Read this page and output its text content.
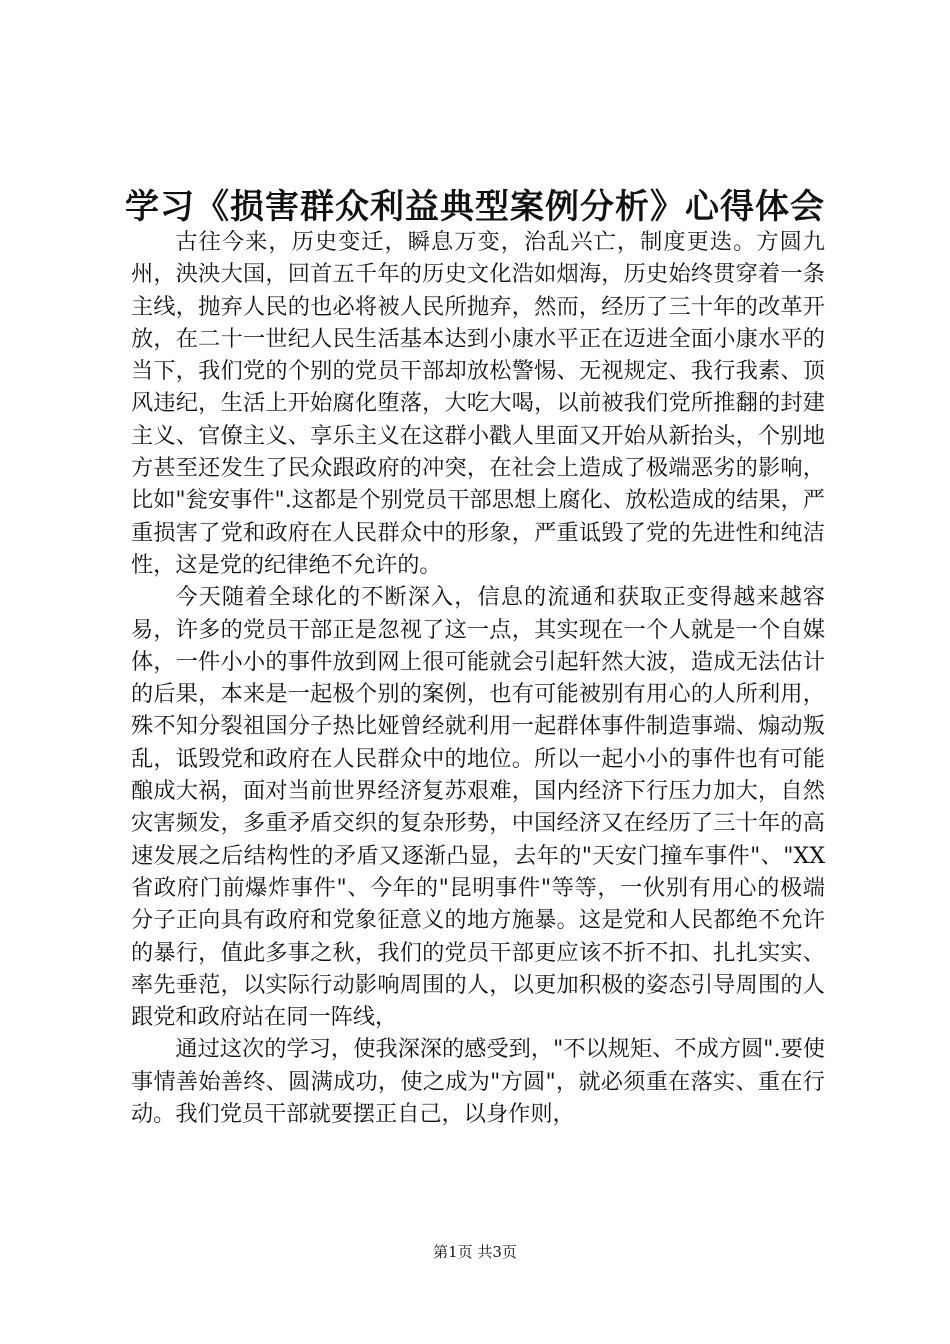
学习《损害群众利益典型案例分析》心得体会

古往今来，历史变迁，瞬息万变，治乱兴亡，制度更迭。方圆九州，泱泱大国，回首五千年的历史文化浩如烟海，历史始终贯穿着一条主线，抛弃人民的也必将被人民所抛弃，然而，经历了三十年的改革开放，在二十一世纪人民生活基本达到小康水平正在迈进全面小康水平的当下，我们党的个别的党员干部却放松警惕、无视规定、我行我素、顶风违纪，生活上开始腐化堕落，大吃大喝，以前被我们党所推翻的封建主义、官僚主义、享乐主义在这群小戳人里面又开始从新抬头，个别地方甚至还发生了民众跟政府的冲突，在社会上造成了极端恶劣的影响，比如"瓮安事件".这都是个别党员干部思想上腐化、放松造成的结果，严重损害了党和政府在人民群众中的形象，严重诋毁了党的先进性和纯洁性，这是党的纪律绝不允许的。

今天随着全球化的不断深入，信息的流通和获取正变得越来越容易，许多的党员干部正是忽视了这一点，其实现在一个人就是一个自媒体，一件小小的事件放到网上很可能就会引起轩然大波，造成无法估计的后果，本来是一起极个别的案例，也有可能被别有用心的人所利用，殊不知分裂祖国分子热比娅曾经就利用一起群体事件制造事端、煽动叛乱，诋毁党和政府在人民群众中的地位。所以一起小小的事件也有可能酿成大祸，面对当前世界经济复苏艰难，国内经济下行压力加大，自然灾害频发，多重矛盾交织的复杂形势，中国经济又在经历了三十年的高速发展之后结构性的矛盾又逐渐凸显，去年的"天安门撞车事件"、"XX省政府门前爆炸事件"、今年的"昆明事件"等等，一伙别有用心的极端分子正向具有政府和党象征意义的地方施暴。这是党和人民都绝不允许的暴行，值此多事之秋，我们的党员干部更应该不折不扣、扎扎实实、率先垂范，以实际行动影响周围的人，以更加积极的姿态引导周围的人跟党和政府站在同一阵线，

通过这次的学习，使我深深的感受到，"不以规矩、不成方圆".要使事情善始善终、圆满成功，使之成为"方圆"，就必须重在落实、重在行动。我们党员干部就要摆正自己，以身作则，

第1页 共3页
